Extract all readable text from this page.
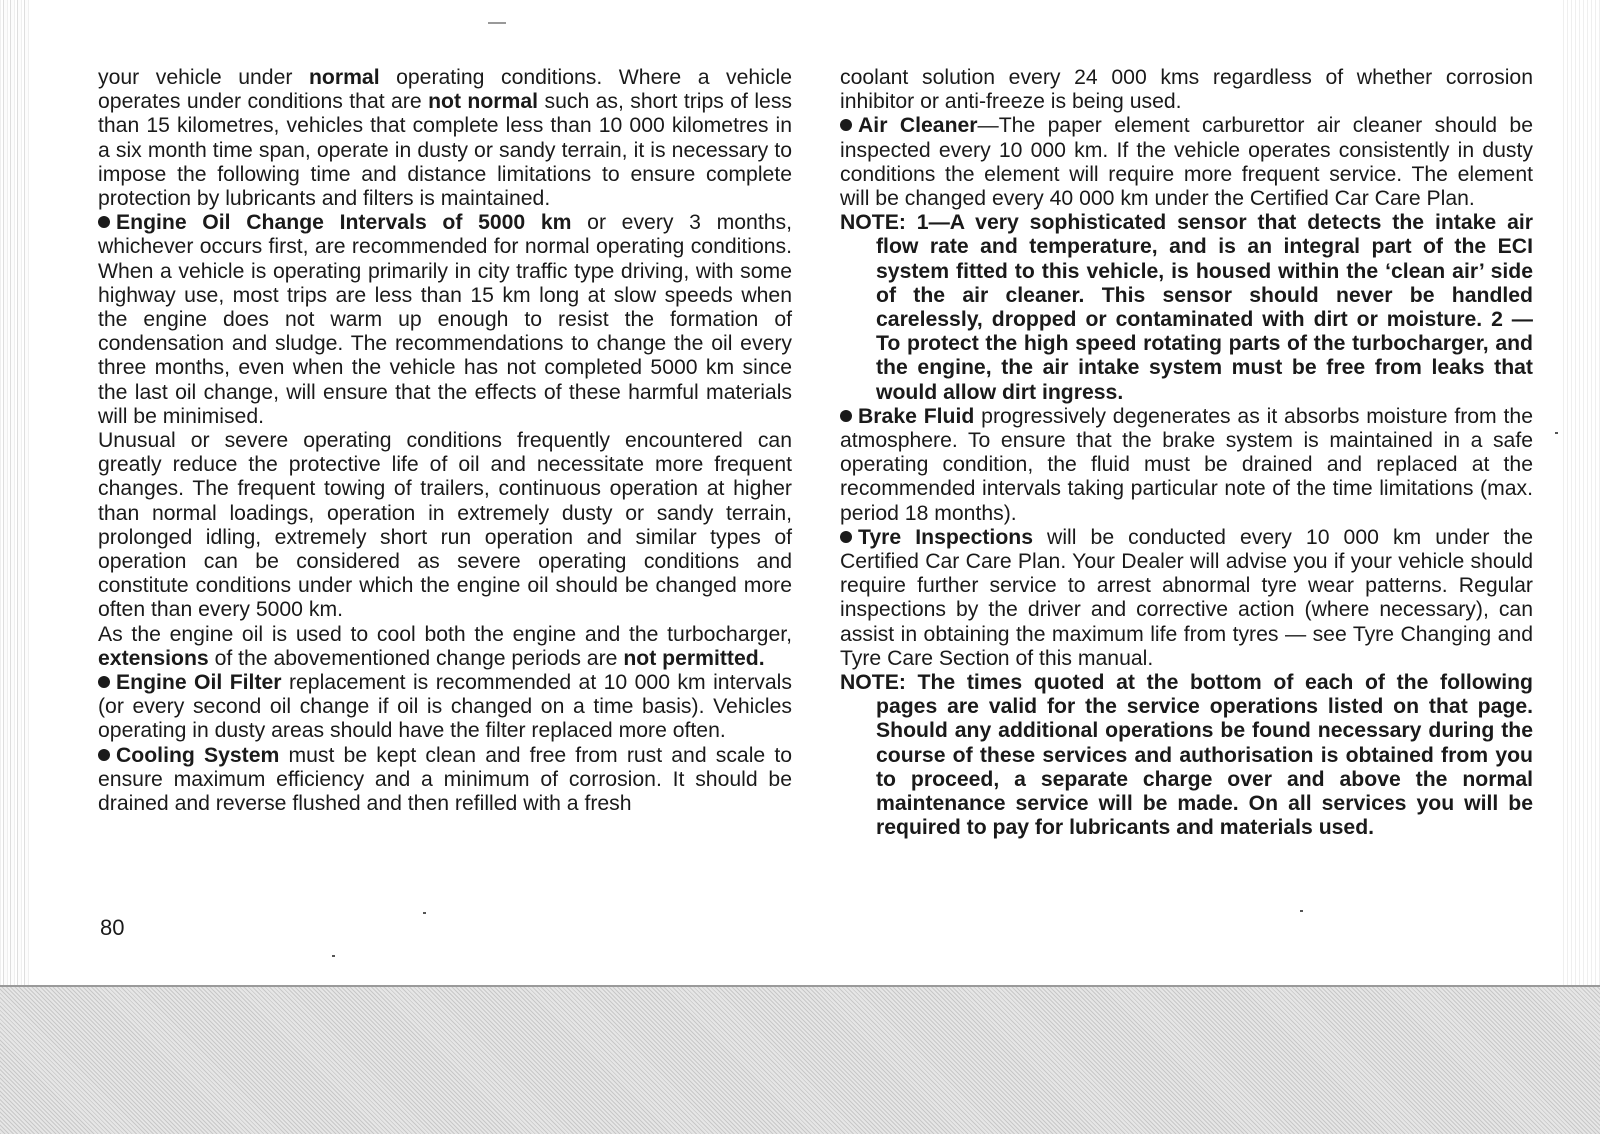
your vehicle under normal operating conditions. Where a vehicle operates under conditions that are not normal such as, short trips of less than 15 kilometres, vehicles that complete less than 10 000 kilometres in a six month time span, operate in dusty or sandy terrain, it is necessary to impose the following time and distance limitations to ensure complete protection by lubricants and filters is maintained.

Engine Oil Change Intervals of 5000 km or every 3 months, whichever occurs first, are recommended for normal operating conditions. When a vehicle is operating primarily in city traffic type driving, with some highway use, most trips are less than 15 km long at slow speeds when the engine does not warm up enough to resist the formation of condensation and sludge. The recommendations to change the oil every three months, even when the vehicle has not completed 5000 km since the last oil change, will ensure that the effects of these harmful materials will be minimised.

Unusual or severe operating conditions frequently encountered can greatly reduce the protective life of oil and necessitate more frequent changes. The frequent towing of trailers, continuous operation at higher than normal loadings, operation in extremely dusty or sandy terrain, prolonged idling, extremely short run operation and similar types of operation can be considered as severe operating conditions and constitute conditions under which the engine oil should be changed more often than every 5000 km.

As the engine oil is used to cool both the engine and the turbocharger, extensions of the abovementioned change periods are not permitted.

Engine Oil Filter replacement is recommended at 10 000 km intervals (or every second oil change if oil is changed on a time basis). Vehicles operating in dusty areas should have the filter replaced more often.

Cooling System must be kept clean and free from rust and scale to ensure maximum efficiency and a minimum of corrosion. It should be drained and reverse flushed and then refilled with a fresh

coolant solution every 24 000 kms regardless of whether corrosion inhibitor or anti-freeze is being used.

Air Cleaner—The paper element carburettor air cleaner should be inspected every 10 000 km. If the vehicle operates consistently in dusty conditions the element will require more frequent service. The element will be changed every 40 000 km under the Certified Car Care Plan.

NOTE: 1—A very sophisticated sensor that detects the intake air flow rate and temperature, and is an integral part of the ECI system fitted to this vehicle, is housed within the ‘clean air’ side of the air cleaner. This sensor should never be handled carelessly, dropped or contaminated with dirt or moisture. 2 — To protect the high speed rotating parts of the turbocharger, and the engine, the air intake system must be free from leaks that would allow dirt ingress.

Brake Fluid progressively degenerates as it absorbs moisture from the atmosphere. To ensure that the brake system is maintained in a safe operating condition, the fluid must be drained and replaced at the recommended intervals taking particular note of the time limitations (max. period 18 months).

Tyre Inspections will be conducted every 10 000 km under the Certified Car Care Plan. Your Dealer will advise you if your vehicle should require further service to arrest abnormal tyre wear patterns. Regular inspections by the driver and corrective action (where necessary), can assist in obtaining the maximum life from tyres — see Tyre Changing and Tyre Care Section of this manual.

NOTE: The times quoted at the bottom of each of the following pages are valid for the service operations listed on that page. Should any additional operations be found necessary during the course of these services and authorisation is obtained from you to proceed, a separate charge over and above the normal maintenance service will be made. On all services you will be required to pay for lubricants and materials used.

80
